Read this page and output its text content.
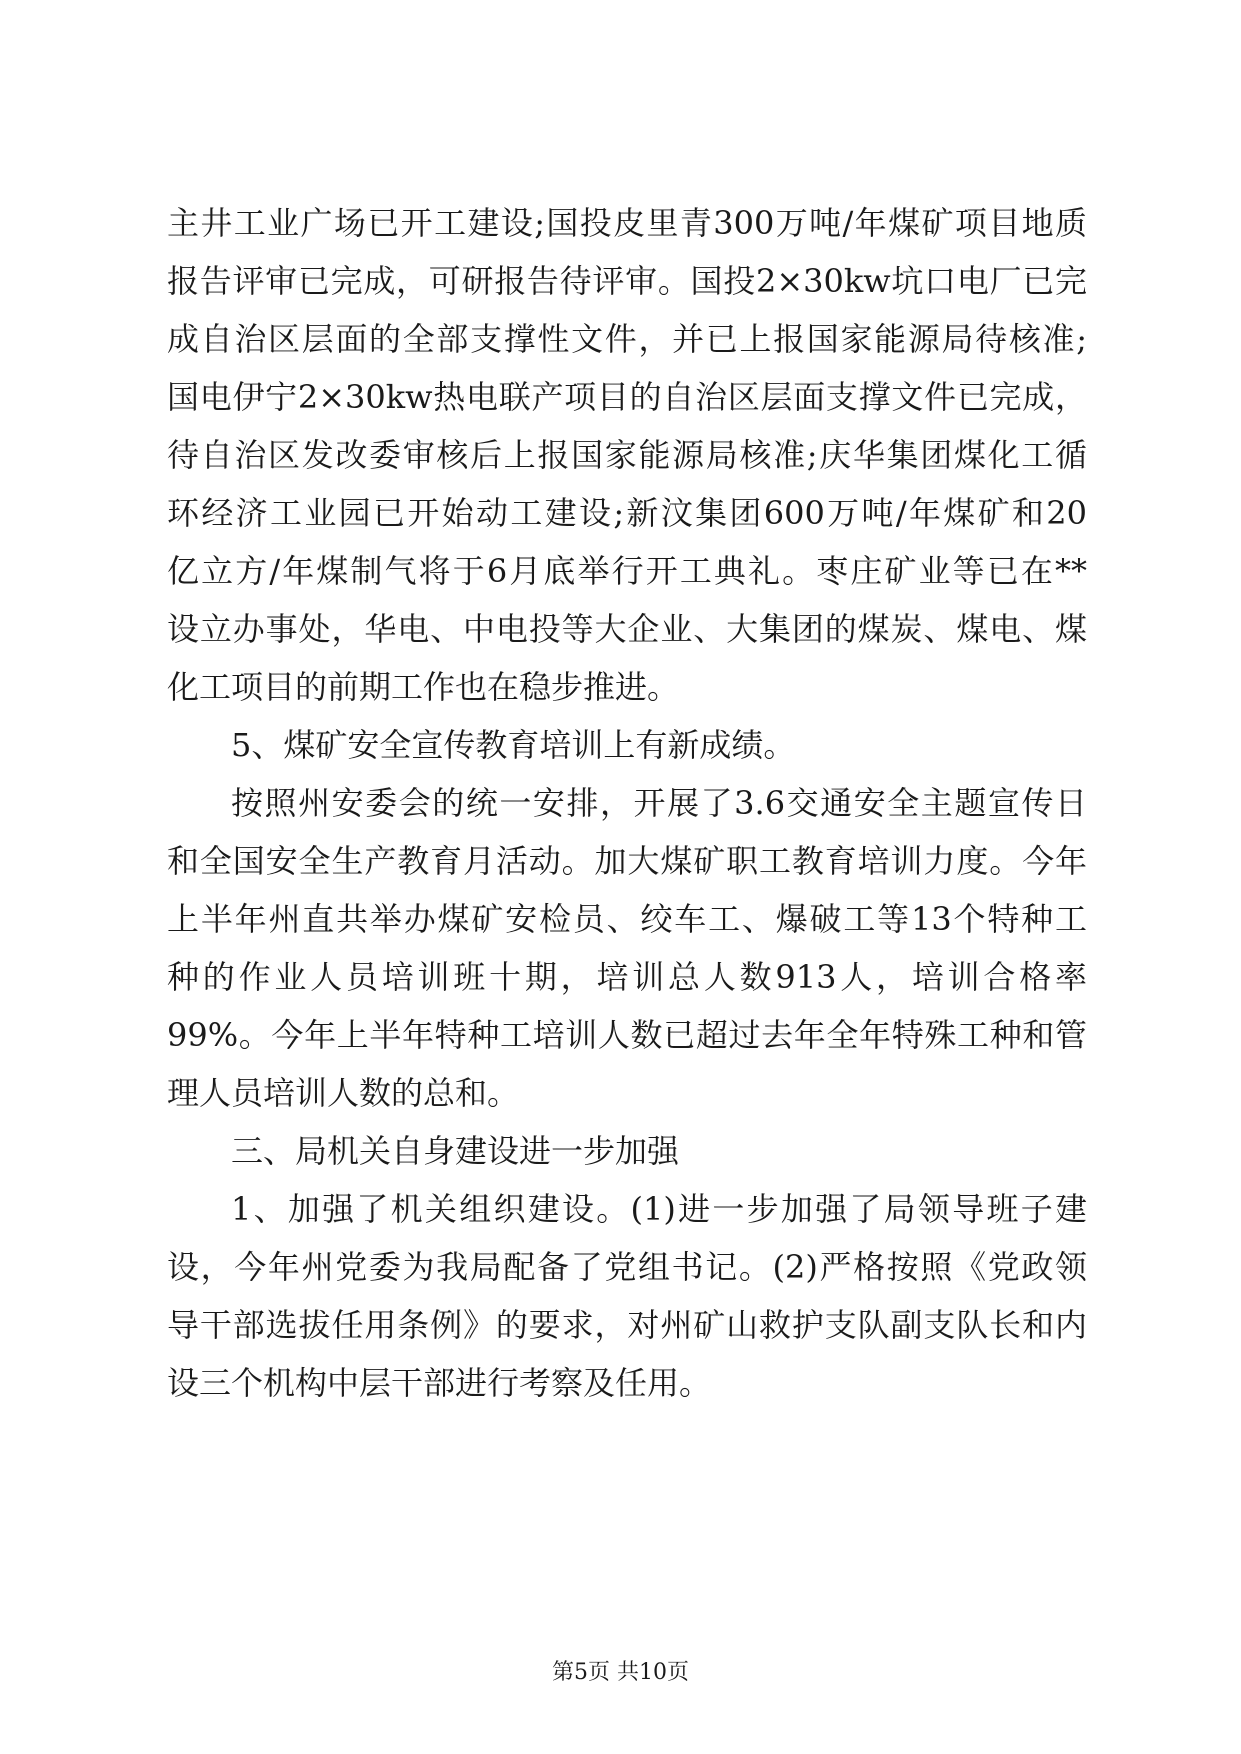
主井工业广场已开工建设;国投皮里青300万吨/年煤矿项目地质
报告评审已完成，可研报告待评审。国投2×30kw坑口电厂已完
成自治区层面的全部支撑性文件，并已上报国家能源局待核准;
国电伊宁2×30kw热电联产项目的自治区层面支撑文件已完成，
待自治区发改委审核后上报国家能源局核准;庆华集团煤化工循
环经济工业园已开始动工建设;新汶集团600万吨/年煤矿和20
亿立方/年煤制气将于6月底举行开工典礼。枣庄矿业等已在**
设立办事处，华电、中电投等大企业、大集团的煤炭、煤电、煤
化工项目的前期工作也在稳步推进。
5、煤矿安全宣传教育培训上有新成绩。
按照州安委会的统一安排，开展了3.6交通安全主题宣传日
和全国安全生产教育月活动。加大煤矿职工教育培训力度。今年
上半年州直共举办煤矿安检员、绞车工、爆破工等13个特种工
种的作业人员培训班十期，培训总人数913人，培训合格率
99%。今年上半年特种工培训人数已超过去年全年特殊工种和管
理人员培训人数的总和。
三、局机关自身建设进一步加强
1、加强了机关组织建设。(1)进一步加强了局领导班子建
设，今年州党委为我局配备了党组书记。(2)严格按照《党政领
导干部选拔任用条例》的要求，对州矿山救护支队副支队长和内
设三个机构中层干部进行考察及任用。
第5页 共10页
